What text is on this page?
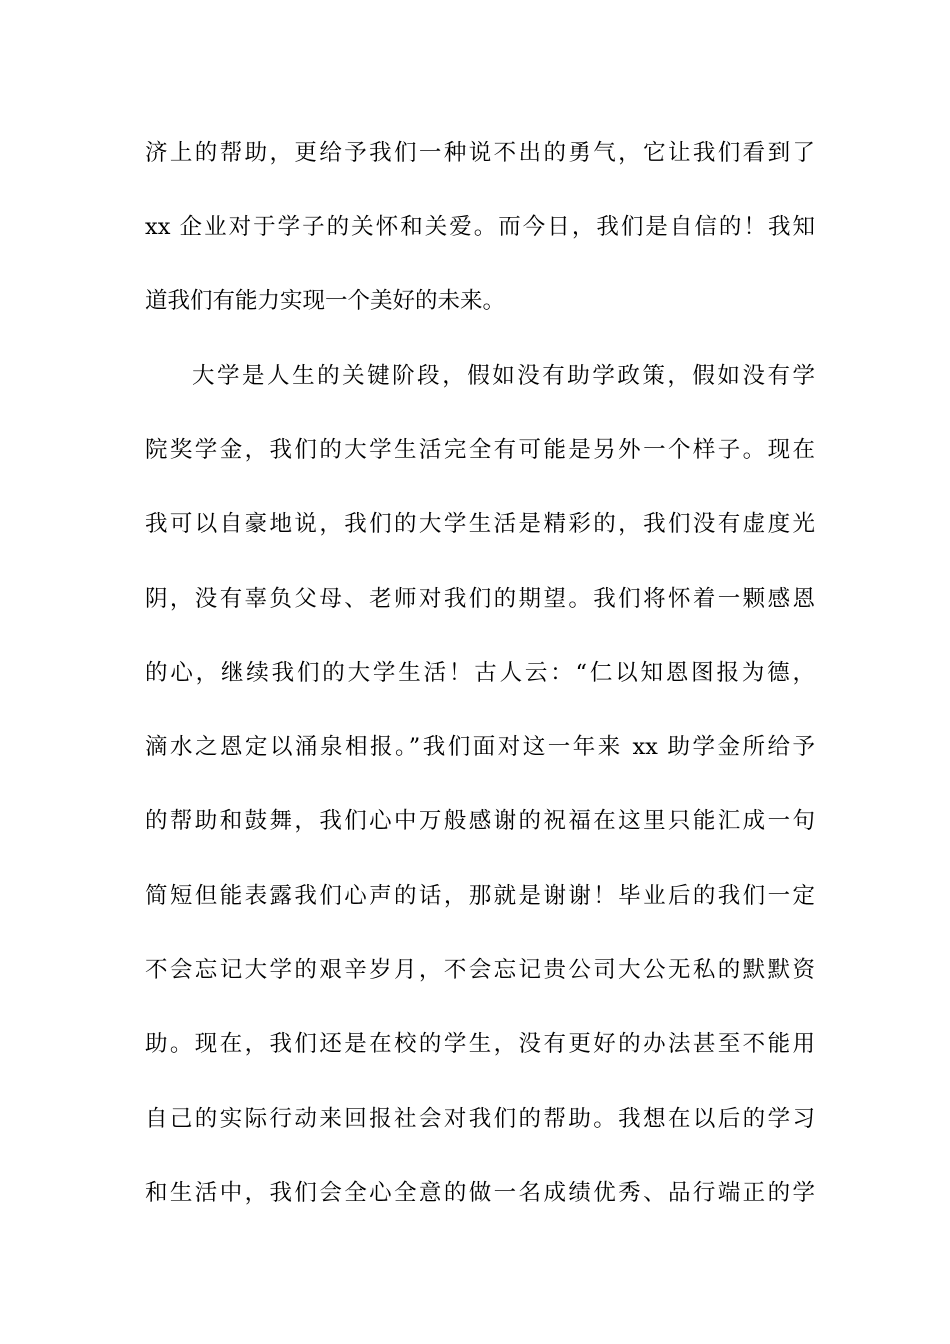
济上的帮助，更给予我们一种说不出的勇气，它让我们看到了
xx 企业对于学子的关怀和关爱。而今日，我们是自信的！我知
道我们有能力实现一个美好的未来。
大学是人生的关键阶段，假如没有助学政策，假如没有学
院奖学金，我们的大学生活完全有可能是另外一个样子。现在
我可以自豪地说，我们的大学生活是精彩的，我们没有虚度光
阴，没有辜负父母、老师对我们的期望。我们将怀着一颗感恩
的心，继续我们的大学生活！古人云：“仁以知恩图报为德，
滴水之恩定以涌泉相报。”我们面对这一年来 xx 助学金所给予
的帮助和鼓舞，我们心中万般感谢的祝福在这里只能汇成一句
简短但能表露我们心声的话，那就是谢谢！毕业后的我们一定
不会忘记大学的艰辛岁月，不会忘记贵公司大公无私的默默资
助。现在，我们还是在校的学生，没有更好的办法甚至不能用
自己的实际行动来回报社会对我们的帮助。我想在以后的学习
和生活中，我们会全心全意的做一名成绩优秀、品行端正的学
